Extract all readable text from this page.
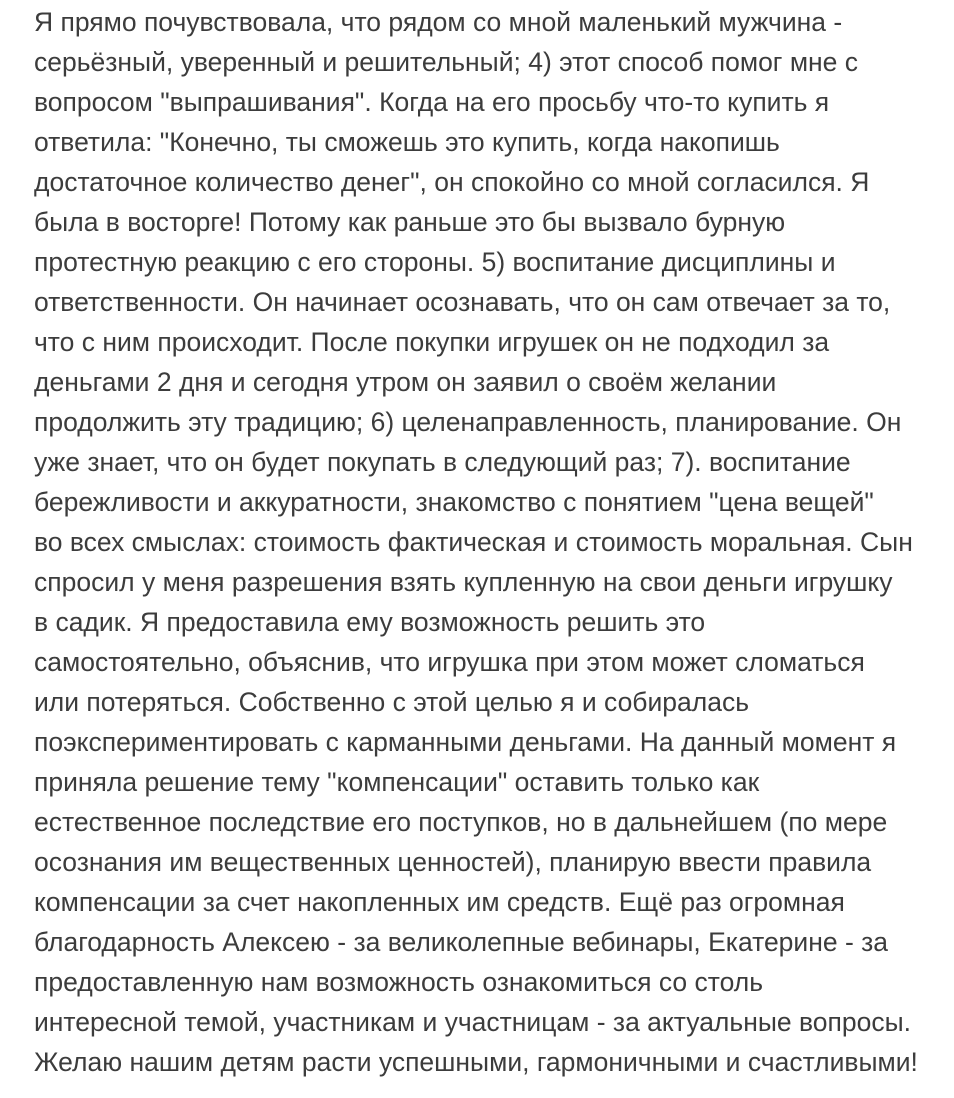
Я прямо почувствовала, что рядом со мной маленький мужчина -
серьёзный, уверенный и решительный; 4) этот способ помог мне с
вопросом "выпрашивания". Когда на его просьбу что-то купить я
ответила: "Конечно, ты сможешь это купить, когда накопишь
достаточное количество денег", он спокойно со мной согласился. Я
была в восторге! Потому как раньше это бы вызвало бурную
протестную реакцию с его стороны. 5) воспитание дисциплины и
ответственности. Он начинает осознавать, что он сам отвечает за то,
что с ним происходит. После покупки игрушек он не подходил за
деньгами 2 дня и сегодня утром он заявил о своём желании
продолжить эту традицию; 6) целенаправленность, планирование. Он
уже знает, что он будет покупать в следующий раз; 7). воспитание
бережливости и аккуратности, знакомство с понятием "цена вещей"
во всех смыслах: стоимость фактическая и стоимость моральная. Сын
спросил у меня разрешения взять купленную на свои деньги игрушку
в садик. Я предоставила ему возможность решить это
самостоятельно, объяснив, что игрушка при этом может сломаться
или потеряться. Собственно с этой целью я и собиралась
поэкспериментировать с карманными деньгами. На данный момент я
приняла решение тему "компенсации" оставить только как
естественное последствие его поступков, но в дальнейшем (по мере
осознания им вещественных ценностей), планирую ввести правила
компенсации за счет накопленных им средств. Ещё раз огромная
благодарность Алексею - за великолепные вебинары, Екатерине - за
предоставленную нам возможность ознакомиться со столь
интересной темой, участникам и участницам - за актуальные вопросы.
Желаю нашим детям расти успешными, гармоничными и счастливыми!
